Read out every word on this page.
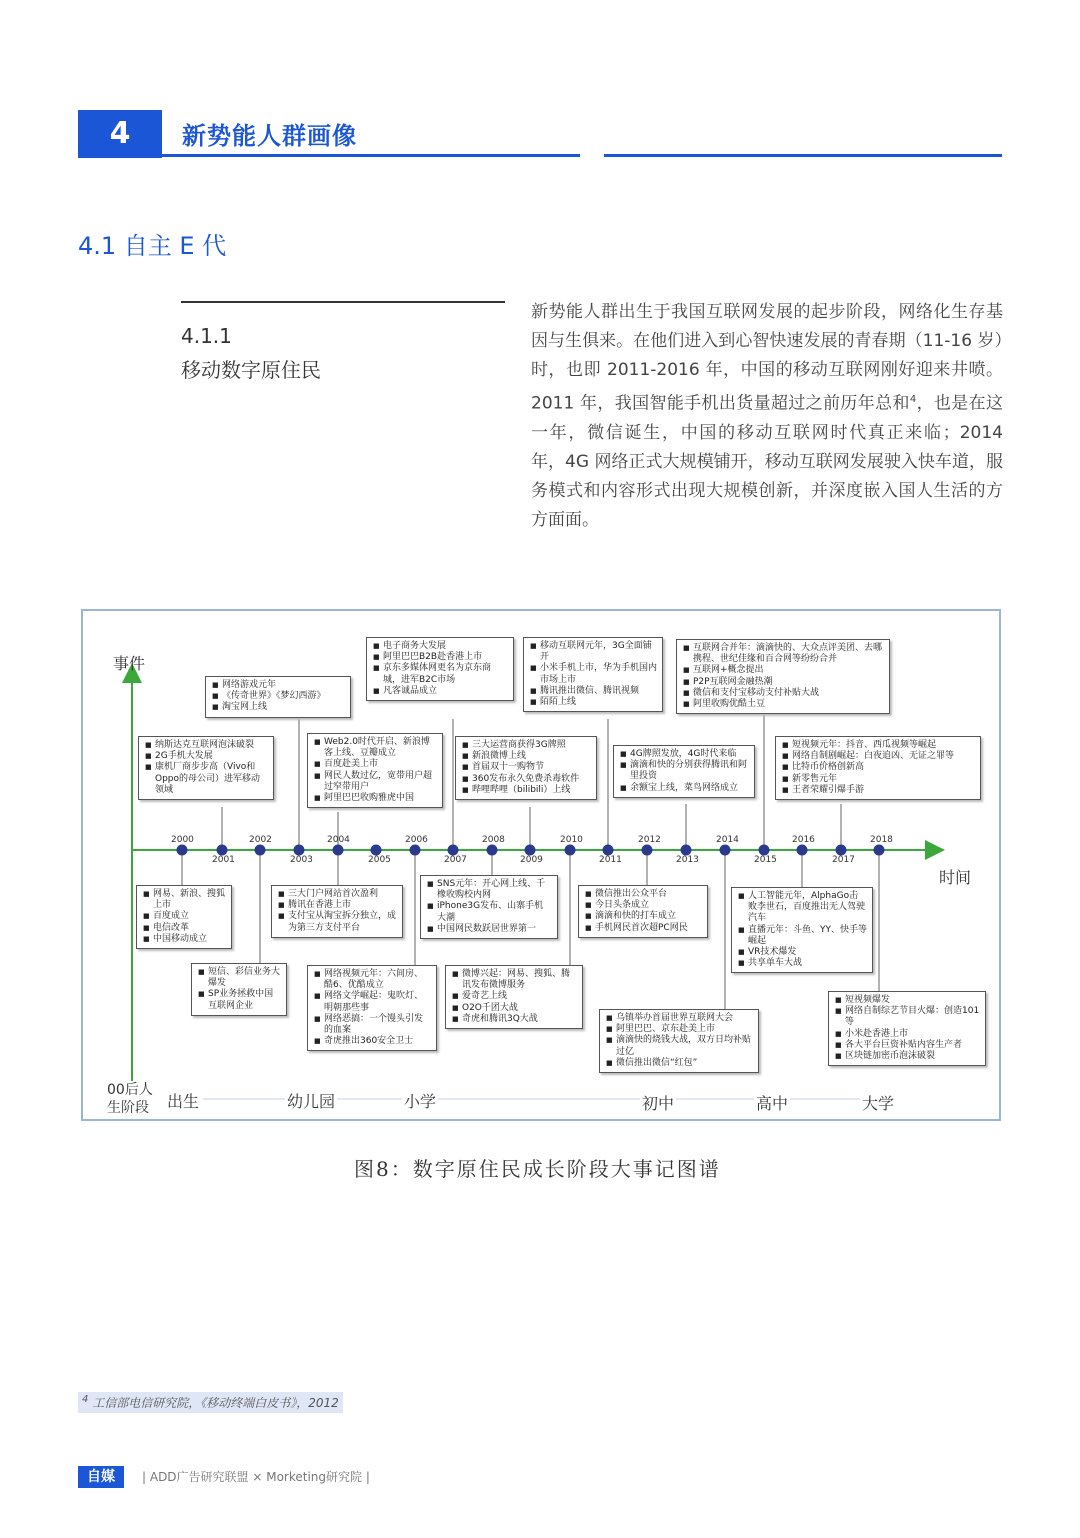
4	新势能人群画像
4.1 自主 E 代
4.1.1
移动数字原住民
新势能人群出生于我国互联网发展的起步阶段，网络化生存基因与生俱来。在他们进入到心智快速发展的青春期（11-16 岁）时，也即 2011-2016 年，中国的移动互联网刚好迎来井喷。2011 年，我国智能手机出货量超过之前历年总和$^4$，也是在这一年，微信诞生，中国的移动互联网时代真正来临；2014 年，4G 网络正式大规模铺开，移动互联网发展驶入快车道，服务模式和内容形式出现大规模创新，并深度嵌入国人生活的方方面面。
事件
时间
00后人生阶段
2000	2002	2004	2006	2008	2010	2012	2014	2016	2018
2001	2003	2005	2007	2009	2011	2013	2015	2017
■ 纳斯达克互联网泡沫破裂
■ 2G手机大发展
■ 康机厂商步步高（Vivo和Oppo的母公司）进军移动领域
■ 网络游戏元年
■ 《传奇世界》《梦幻西游》
■ 淘宝网上线
■ Web2.0时代开启、新浪博客上线、豆瓣成立
■ 百度赴美上市
■ 网民人数过亿，宽带用户超过窄带用户
■ 阿里巴巴收购雅虎中国
■ 电子商务大发展
■ 阿里巴巴B2B赴香港上市
■ 京东多媒体网更名为京东商城，进军B2C市场
■ 凡客诚品成立
■ 三大运营商获得3G牌照
■ 新浪微博上线
■ 首届双十一购物节
■ 360发布永久免费杀毒软件
■ 哔哩哔哩（bilibili）上线
■ 移动互联网元年，3G全面铺开
■ 小米手机上市，华为手机国内市场上市
■ 腾讯推出微信、腾讯视频
■ 陌陌上线
■ 4G牌照发放，4G时代来临
■ 滴滴和快的分别获得腾讯和阿里投资
■ 余额宝上线，菜鸟网络成立
■ 互联网合并年：滴滴快的、大众点评美团、去哪携程、世纪佳缘和百合网等纷纷合并
■ 互联网+概念提出
■ P2P互联网金融热潮
■ 微信和支付宝移动支付补贴大战
■ 阿里收购优酷土豆
■ 短视频元年：抖音、西瓜视频等崛起
■ 网络自制剧崛起：白夜追凶、无证之罪等
■ 比特币价格创新高
■ 新零售元年
■ 王者荣耀引爆手游
■ 网易、新浪、搜狐上市
■ 百度成立
■ 电信改革
■ 中国移动成立
■ 短信、彩信业务大爆发
■ SP业务拯救中国互联网企业
■ 三大门户网站首次盈利
■ 腾讯在香港上市
■ 支付宝从淘宝拆分独立，成为第三方支付平台
■ 网络视频元年：六间房、酷6、优酷成立
■ 网络文学崛起：鬼吹灯、明朝那些事
■ 网络恶搞：一个馒头引发的血案
■ 奇虎推出360安全卫士
■ SNS元年：开心网上线、千橡收购校内网
■ iPhone3G发布、山寨手机大潮
■ 中国网民数跃居世界第一
■ 微博兴起：网易、搜狐、腾讯发布微博服务
■ 爱奇艺上线
■ O2O千团大战
■ 奇虎和腾讯3Q大战
■ 微信推出公众平台
■ 今日头条成立
■ 滴滴和快的打车成立
■ 手机网民首次超PC网民
■ 乌镇举办首届世界互联网大会
■ 阿里巴巴、京东赴美上市
■ 滴滴快的烧钱大战，双方日均补贴过亿
■ 微信推出微信“红包”
■ 人工智能元年，AlphaGo击败李世石，百度推出无人驾驶汽车
■ 直播元年：斗鱼、YY、快手等崛起
■ VR技术爆发
■ 共享单车大战
■ 短视频爆发
■ 网络自制综艺节目火爆：创造101等
■ 小米赴香港上市
■ 各大平台巨资补贴内容生产者
■ 区块链加密币泡沫破裂
出生	幼儿园	小学	初中	高中	大学
图8：数字原住民成长阶段大事记图谱
$^4$ 工信部电信研究院，《移动终端白皮书》，2012
自媒	| ADD广告研究联盟 × Morketing研究院 |
